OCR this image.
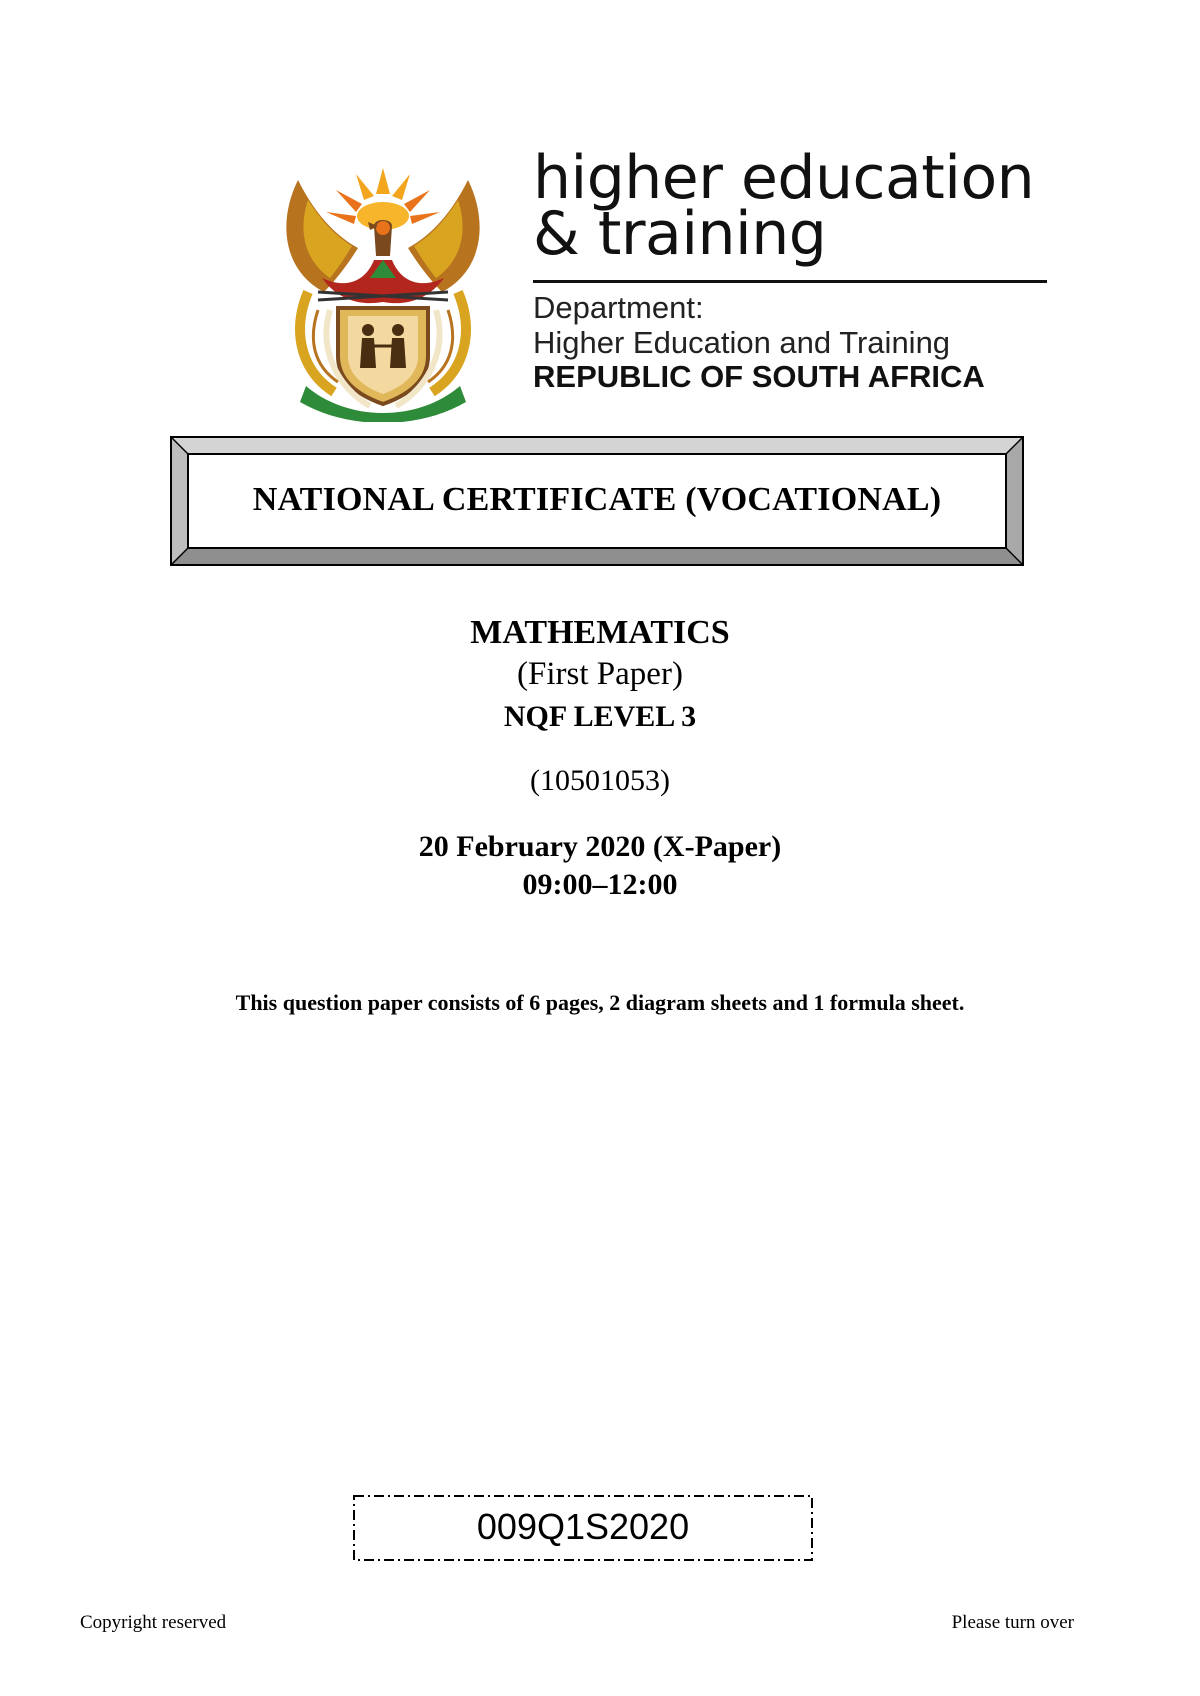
higher education

& training

Department:
Higher Education and Training
REPUBLIC OF SOUTH AFRICA
NATIONAL CERTIFICATE (VOCATIONAL)
MATHEMATICS
(First Paper)
NQF LEVEL 3
(10501053)
20 February 2020 (X-Paper)
09:00–12:00
This question paper consists of 6 pages, 2 diagram sheets and 1 formula sheet.
009Q1S2020
Copyright reserved	Please turn over
